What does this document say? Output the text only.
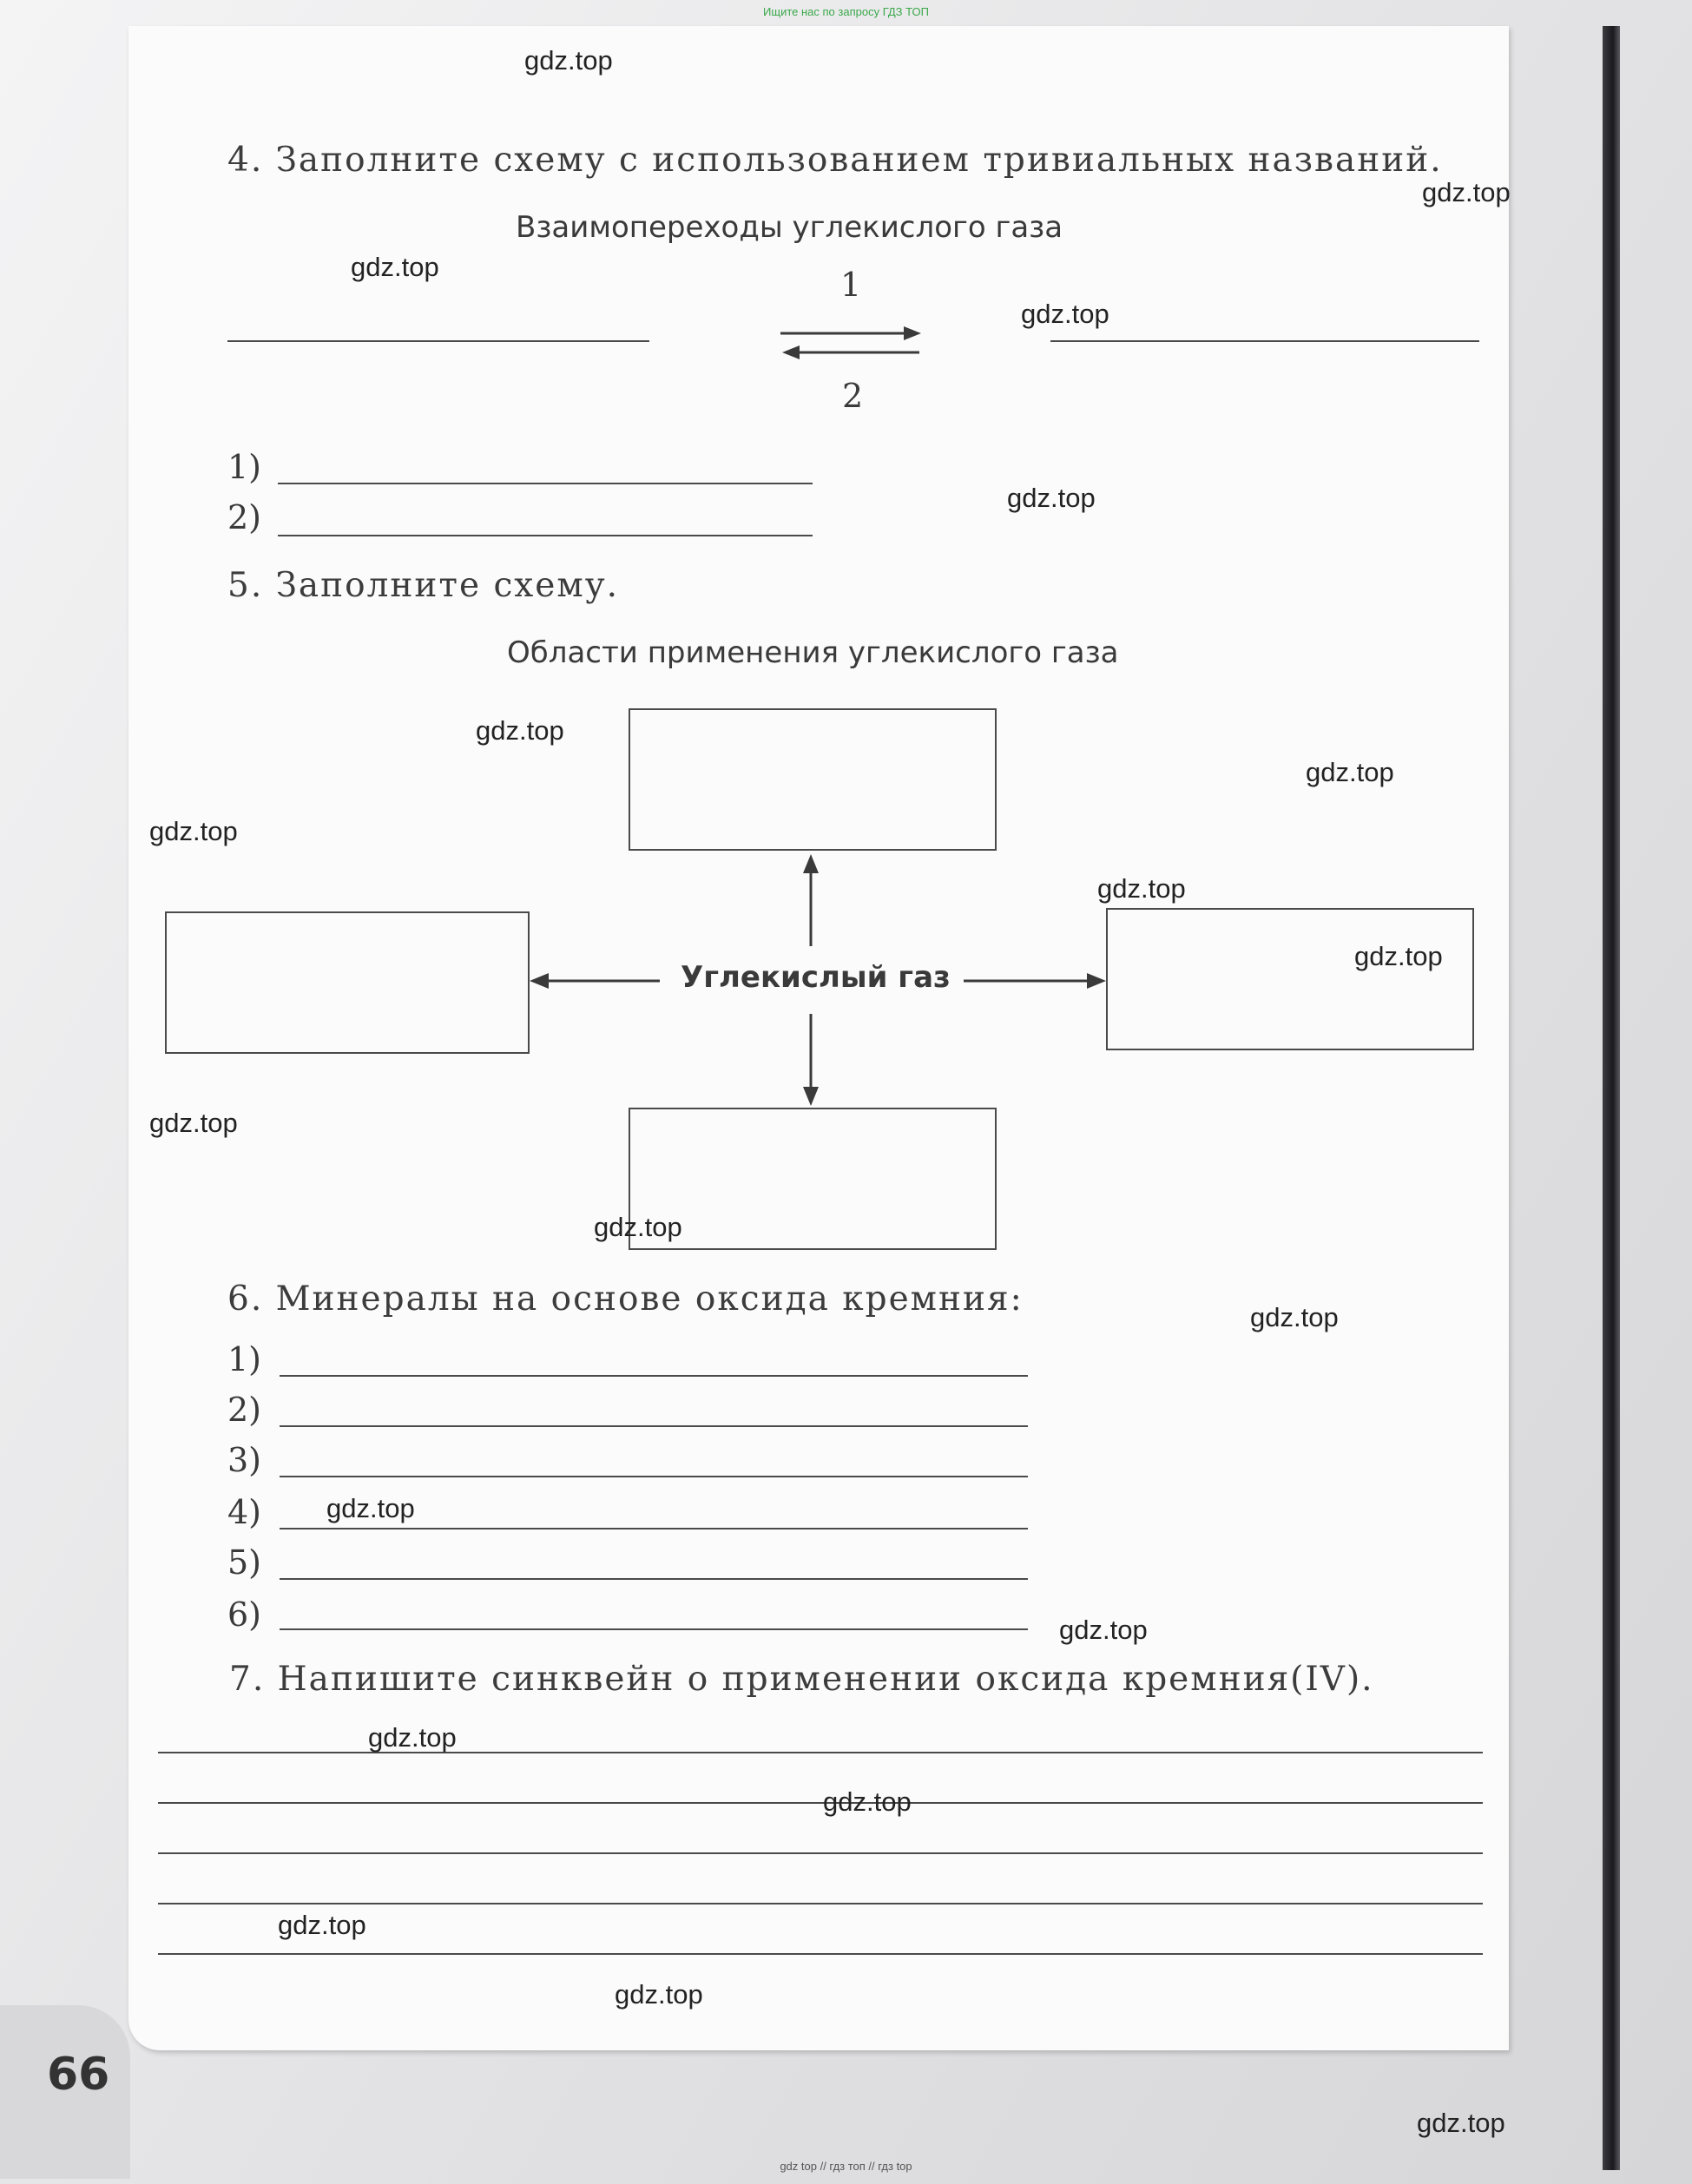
Ищите нас по запросу ГДЗ ТОП
4. Заполните схему с использованием тривиальных названий.
Взаимопереходы углекислого газа
1
2
1)
2)
5. Заполните схему.
Области применения углекислого газа
Углекислый газ
6. Минералы на основе оксида кремния:
1)
2)
3)
4)
5)
6)
7. Напишите синквейн о применении оксида кремния(IV).
66
gdz.top
gdz.top
gdz.top
gdz.top
gdz.top
gdz.top
gdz.top
gdz.top
gdz.top
gdz.top
gdz.top
gdz.top
gdz.top
gdz.top
gdz.top
gdz.top
gdz.top
gdz.top
gdz.top
gdz.top
gdz top // гдз топ // гдз top
